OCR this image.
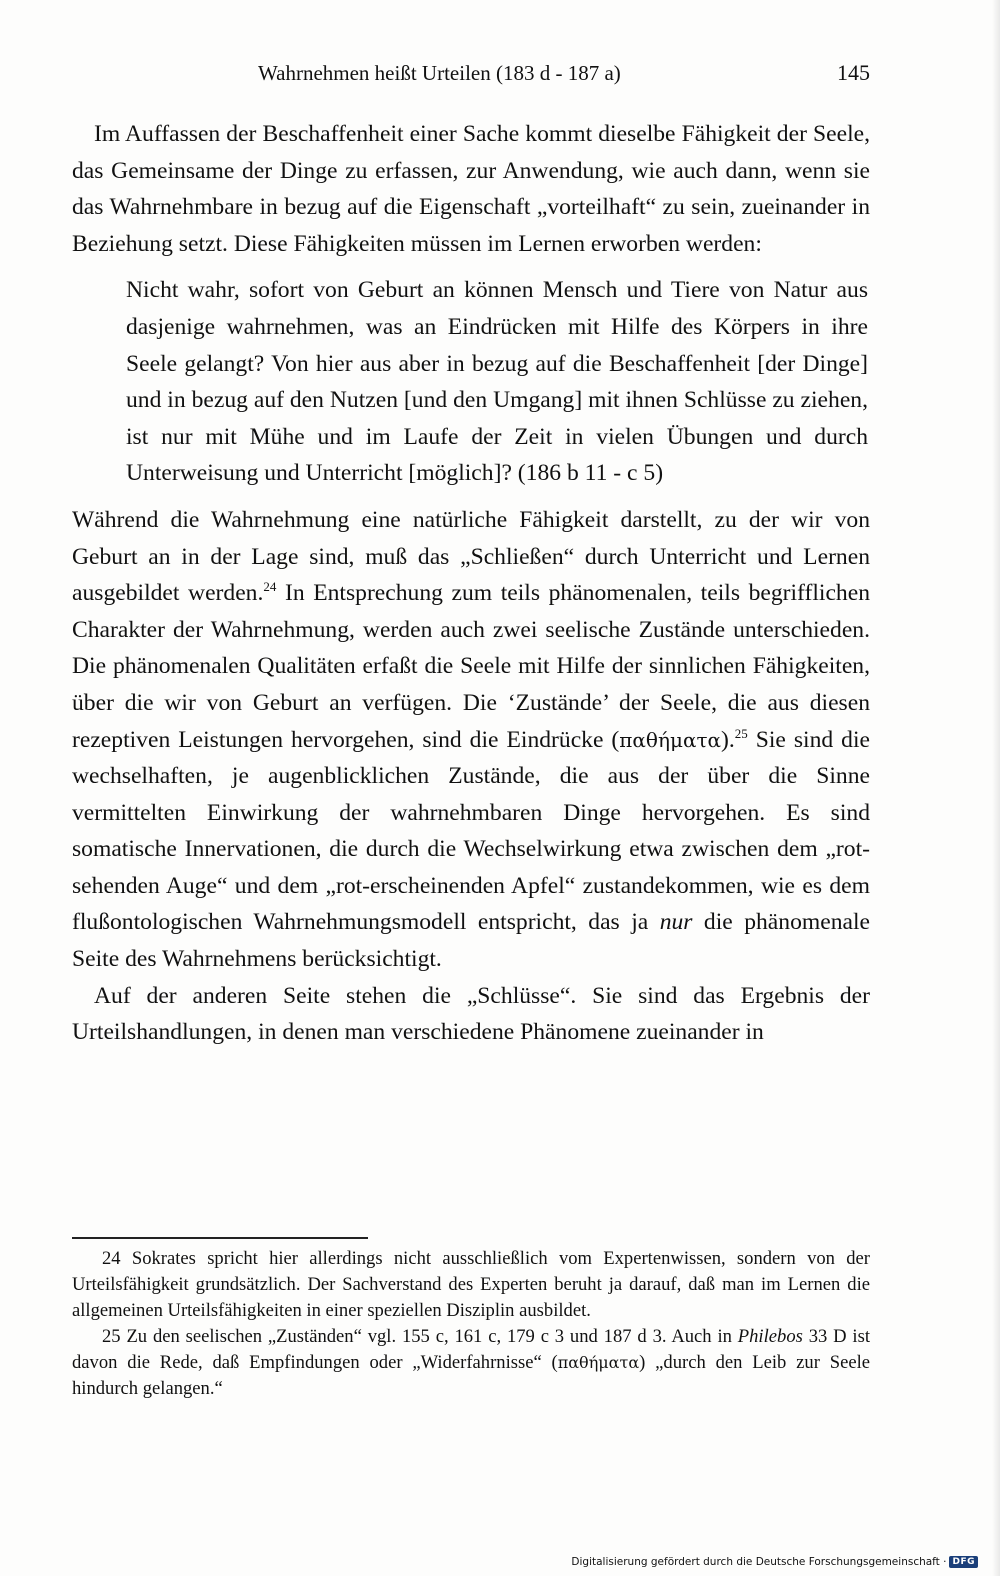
Wahrnehmen heißt Urteilen (183 d - 187 a)	145

Im Auffassen der Beschaffenheit einer Sache kommt dieselbe Fähigkeit der Seele, das Gemeinsame der Dinge zu erfassen, zur Anwendung, wie auch dann, wenn sie das Wahrnehmbare in bezug auf die Eigenschaft „vorteilhaft“ zu sein, zueinander in Beziehung setzt. Diese Fähigkeiten müssen im Lernen erworben werden:

Nicht wahr, sofort von Geburt an können Mensch und Tiere von Natur aus dasjenige wahrnehmen, was an Eindrücken mit Hilfe des Körpers in ihre Seele gelangt? Von hier aus aber in bezug auf die Beschaffenheit [der Dinge] und in bezug auf den Nutzen [und den Umgang] mit ihnen Schlüsse zu ziehen, ist nur mit Mühe und im Laufe der Zeit in vielen Übungen und durch Unterweisung und Unterricht [möglich]? (186 b 11 - c 5)

Während die Wahrnehmung eine natürliche Fähigkeit darstellt, zu der wir von Geburt an in der Lage sind, muß das „Schließen“ durch Unterricht und Lernen ausgebildet werden.$^{24}$ In Entsprechung zum teils phänomenalen, teils begrifflichen Charakter der Wahrnehmung, werden auch zwei seelische Zustände unterschieden. Die phänomenalen Qualitäten erfaßt die Seele mit Hilfe der sinnlichen Fähigkeiten, über die wir von Geburt an verfügen. Die ‘Zustände’ der Seele, die aus diesen rezeptiven Leistungen hervorgehen, sind die Eindrücke (παθήματα).$^{25}$ Sie sind die wechselhaften, je augenblicklichen Zustände, die aus der über die Sinne vermittelten Einwirkung der wahrnehmbaren Dinge hervorgehen. Es sind somatische Innervationen, die durch die Wechselwirkung etwa zwischen dem „rot-sehenden Auge“ und dem „rot-erscheinenden Apfel“ zustandekommen, wie es dem flußontologischen Wahrnehmungsmodell entspricht, das ja nur die phänomenale Seite des Wahrnehmens berücksichtigt.

Auf der anderen Seite stehen die „Schlüsse“. Sie sind das Ergebnis der Urteilshandlungen, in denen man verschiedene Phänomene zueinander in

24 Sokrates spricht hier allerdings nicht ausschließlich vom Expertenwissen, sondern von der Urteilsfähigkeit grundsätzlich. Der Sachverstand des Experten beruht ja darauf, daß man im Lernen die allgemeinen Urteilsfähigkeiten in einer speziellen Disziplin ausbildet.

25 Zu den seelischen „Zuständen“ vgl. 155 c, 161 c, 179 c 3 und 187 d 3. Auch in Philebos 33 D ist davon die Rede, daß Empfindungen oder „Widerfahrnisse“ (παθήματα) „durch den Leib zur Seele hindurch gelangen.“

Digitalisierung gefördert durch die Deutsche Forschungsgemeinschaft · DFG
